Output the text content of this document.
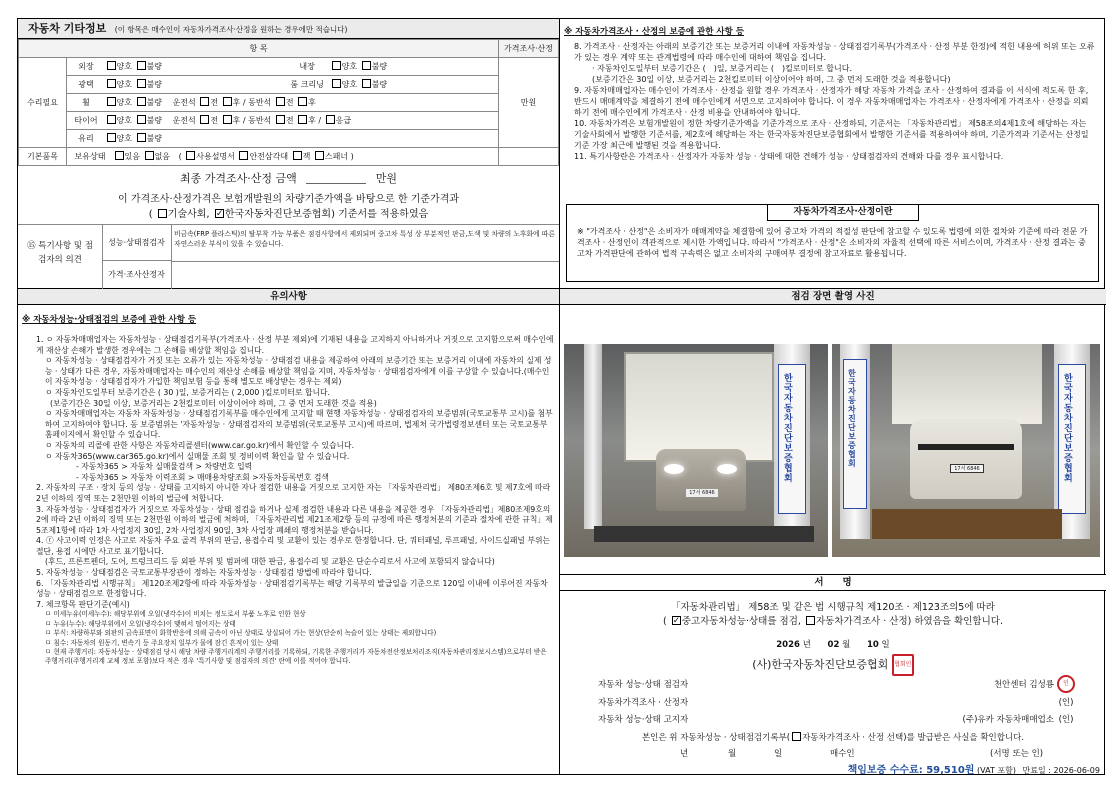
자동차 기타정보 (이 항목은 매수인이 자동차가격조사·산정을 원하는 경우에만 적습니다)
항 목		가격조사·산정
수리필요	외장 양호 불량 내장 양호 불량	만원
	광택 양호 불량 룸 크리닝 양호 불량	
	휠 양호 불량 운전석 전 후 / 동반석 전 후	
	타이어 양호 불량 운전석 전 후 / 동반석 전 후 / 응급	
	유리 양호 불량	
기본품목	보유상태 있음 없음 ( 사용설명서 안전삼각대 잭 스패너 )	
최종 가격조사·산정 금액	만원
이 가격조사·산정가격은 보험개발원의 차량기준가액을 바탕으로 한 기준가격과
( 기술사회, ✓ 한국자동차진단보증협회) 기준서를 적용하였음
⑮ 특기사항 및 점검자의 의견
성능·상태점검자
비금속(FRP 플라스틱)의 탈부착 가능 부품은 점검사항에서 제외되며 중고차 특성 상 부분적인 판금,도색 및 차량의 노후화에 따른 자연스러운 부식이 있을 수 있습니다.
가격·조사산정자
※ 자동차가격조사 · 산정의 보증에 관한 사항 등
8. 가격조사 · 산정자는 아래의 보증기간 또는 보증거리 이내에 자동차성능 · 상태점검기록부(가격조사 · 산정 부분 한정)에 적힌 내용에 허위 또는 오류가 있는 경우 계약 또는 관계법령에 따라 매수인에 대하여 책임을 집니다.
· 자동차인도일부터 보증기간은 (　)일, 보증거리는 (　)킬로미터로 합니다.
(보증기간은 30일 이상, 보증거리는 2천킬로미터 이상이어야 하며, 그 중 먼저 도래한 것을 적용합니다)
9. 자동차매매업자는 매수인이 가격조사 · 산정을 원할 경우 가격조사 · 산정자가 해당 자동차 가격을 조사 · 산정하여 결과를 이 서식에 적도록 한 후, 반드시 매매계약을 체결하기 전에 매수인에게 서면으로 고지하여야 합니다. 이 경우 자동차매매업자는 가격조사 · 산정자에게 가격조사 · 산정을 의뢰하기 전에 매수인에게 가격조사 · 산정 비용을 안내하여야 합니다.
10. 자동차가격은 보험개발원이 정한 차량기준가액을 기준가격으로 조사 · 산정하되, 기준서는 「자동차관리법」 제58조의4제1호에 해당하는 자는 기술사회에서 발행한 기준서를, 제2호에 해당하는 자는 한국자동차진단보증협회에서 발행한 기준서를 적용하여야 하며, 기준가격과 기준서는 산정일 기준 가장 최근에 발행된 것을 적용합니다.
11. 특기사항란은 가격조사 · 산정자가 자동차 성능 · 상태에 대한 견해가 성능 · 상태점검자의 견해와 다를 경우 표시합니다.
자동차가격조사·산정이란
※ "가격조사 · 산정"은 소비자가 매매계약을 체결함에 있어 중고차 가격의 적절성 판단에 참고할 수 있도록 법령에 의한 절차와 기준에 따라 전문 가격조사 · 산정인이 객관적으로 제시한 가액입니다. 따라서 "가격조사 · 산정"은 소비자의 자율적 선택에 따른 서비스이며, 가격조사 · 산정 결과는 중고차 가격판단에 관하여 법적 구속력은 없고 소비자의 구매여부 결정에 참고자료로 활용됩니다.
유의사항
※ 자동차성능·상태점검의 보증에 관한 사항 등
1. ㅇ 자동차매매업자는 자동차성능 · 상태점검기록부(가격조사 · 산정 부분 제외)에 기재된 내용을 고지하지 아니하거나 거짓으로 고지함으로써 매수인에게 재산상 손해가 발생한 경우에는 그 손해를 배상할 책임을 집니다.
ㅇ 자동차성능 · 상태점검자가 거짓 또는 오류가 있는 자동차성능 · 상태점검 내용을 제공하여 아래의 보증기간 또는 보증거리 이내에 자동차의 실제 성능 · 상태가 다른 경우, 자동차매매업자는 매수인의 재산상 손해를 배상할 책임을 지며, 자동차성능 · 상태점검자에게 이를 구상할 수 있습니다.(매수인이 자동차성능 · 상태점검자가 가입한 책임보험 등을 통해 별도로 배상받는 경우는 제외)
ㅇ 자동차인도일부터 보증기간은 ( 30 )일, 보증거리는 ( 2,000 )킬로미터로 합니다.
(보증기간은 30일 이상, 보증거리는 2천킬로미터 이상이어야 하며, 그 중 먼저 도래한 것을 적용)
ㅇ 자동차매매업자는 자동차 자동차성능 · 상태점검기록부를 매수인에게 고지할 때 현행 자동차성능 · 상태점검자의 보증범위(국토교통부 고시)를 첨부하여 고지하여야 합니다. 동 보증범위는 '자동차성능 · 상태점검자의 보증범위(국토교통부 고시)에 따르며, 법제처 국가법령정보센터 또는 국토교통부 홈페이지에서 확인할 수 있습니다.
ㅇ 자동차의 리콜에 관한 사항은 자동차리콜센터(www.car.go.kr)에서 확인할 수 있습니다.
ㅇ 자동차365(www.car365.go.kr)에서 실매물 조회 및 정비이력 확인을 할 수 있습니다.
- 자동차365 > 자동차 실매물검색 > 차량번호 입력
- 자동차365 > 자동차 이력조회 > 매매용차량조회 >자동차등록번호 검색
2. 자동차의 구조 · 장치 등의 성능 · 상태를 고지하지 아니한 자나 점검한 내용을 거짓으로 고지한 자는 「자동차관리법」 제80조제6호 및 제7호에 따라 2년 이하의 징역 또는 2천만원 이하의 벌금에 처합니다.
3. 자동차성능 · 상태점검자가 거짓으로 자동차성능 · 상태 점검을 하거나 실제 점검한 내용과 다른 내용을 제공한 경우 「자동차관리법」제80조제9호의2에 따라 2년 이하의 징역 또는 2천만원 이하의 벌금에 처하며, 「자동차관리법 제21조제2항 등의 규정에 따른 행정처분의 기준과 절차에 관한 규칙」제5조제1항에 따라 1차 사업정지 30일, 2차 사업정지 90일, 3차 사업장 폐쇄의 행정처분을 받습니다.
4. ⓡ 사고이력 인정은 사고로 자동차 주요 골격 부위의 판금, 용접수리 및 교환이 있는 경우로 한정합니다. 단, 쿼터패널, 루프패널, 사이드실패널 부위는 절단, 용접 시에만 사고로 표기합니다.
(후드, 프론트펜더, 도어, 트렁크리드 등 외판 부위 및 범퍼에 대한 판금, 용접수리 및 교환은 단순수리로서 사고에 포함되지 않습니다)
5. 자동차성능 · 상태점검은 국토교통부장관이 정하는 자동차성능 · 상태점검 방법에 따라야 합니다.
6. 「자동차관리법 시행규칙」 제120조제2항에 따라 자동차성능 · 상태점검기록부는 해당 기록부의 발급일을 기준으로 120일 이내에 이루어진 자동차 성능 · 상태점검으로 한정합니다.
7. 체크항목 판단기준(예시)
ㅁ 미세누유(미세누수): 해당부위에 오일(냉각수)이 비치는 정도로서 부품 노후로 인한 현상
ㅁ 누유(누수): 해당부위에서 오일(냉각수)이 맺혀서 떨어지는 상태
ㅁ 부식: 차량하부와 외판의 금속표면이 화학반응에 의해 금속이 아닌 상태로 상실되어 가는 현상(단순히 녹슬어 있는 상태는 제외합니다)
ㅁ 침수: 자동차의 원동기, 변속기 등 주요장치 일부가 물에 잠긴 흔적이 있는 상태
ㅁ 현재 주행거리: 자동차성능 · 상태점검 당시 해당 차량 주행거리계의 주행거리를 기록하되, 기록한 주행거리가 자동차전산정보처리조직(자동차관리정보시스템)으로부터 받은 주행거리(주행거리계 교체 정보 포함)보다 적은 경우 '특기사항 및 점검자의 의견' 란에 이를 적어야 합니다.
점검 장면 촬영 사진
한국자동차진단보증협회
17서 6846
한국자동차진단보증협회
한국자동차진단보증협회
17서 6846
서　　명
「자동차관리법」 제58조 및 같은 법 시행규칙 제120조 · 제123조의5에 따라
( ✓중고자동차성능·상태를 점검, 자동차가격조사 · 산정) 하였음을 확인합니다.
2026 년 02 월 10 일
(사)한국자동차진단보증협회 협회인
자동차 성능·상태 점검자	천안센터 김성룡	인
자동차가격조사 · 산정자		(인)
자동차 성능·상태 고지자	(주)유카 자동차매매업소	(인)
본인은 위 자동차성능 · 상태점검기록부( 자동차가격조사 · 산정 선택)를 발급받은 사실을 확인합니다.
년	월	일	매수인	(서명 또는 인)
책임보증 수수료: 59,510원 (VAT 포함) 만료일 : 2026-06-09
